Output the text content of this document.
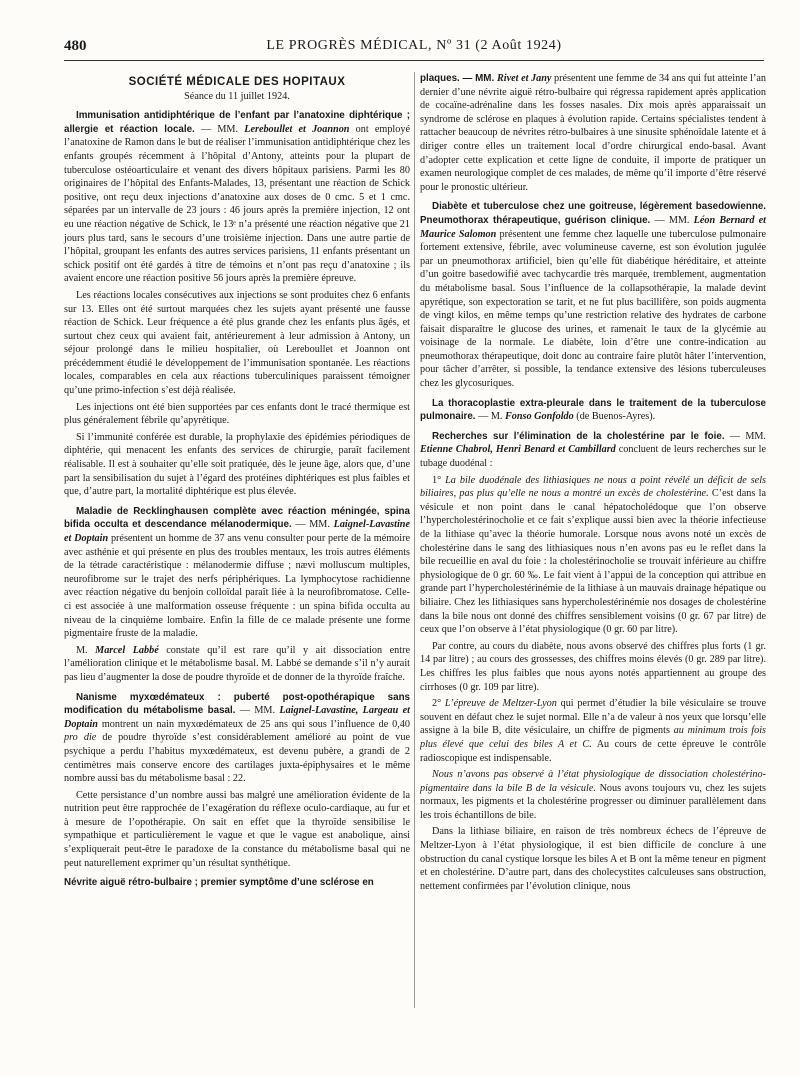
480	LE PROGRÈS MÉDICAL, Nº 31 (2 Août 1924)
SOCIÉTÉ MÉDICALE DES HOPITAUX
Séance du 11 juillet 1924.

Immunisation antidiphtérique de l’enfant par l’anatoxine diphtérique ; allergie et réaction locale. — MM. Lereboullet et Joannon ont employé l’anatoxine de Ramon dans le but de réaliser l’immunisation antidiphtérique chez les enfants groupés récemment à l’hôpital d’Antony, atteints pour la plupart de tuberculose ostéoarticulaire et venant des divers hôpitaux parisiens. Parmi les 80 originaires de l’hôpital des Enfants-Malades, 13, présentant une réaction de Schick positive, ont reçu deux injections d’anatoxine aux doses de 0 cmc. 5 et 1 cmc. séparées par un intervalle de 23 jours : 46 jours après la première injection, 12 ont eu une réaction négative de Schick, le 13ᵉ n’a présenté une réaction négative que 21 jours plus tard, sans le secours d’une troisième injection. Dans une autre partie de l’hôpital, groupant les enfants des autres services parisiens, 11 enfants présentant un schick positif ont été gardés à titre de témoins et n’ont pas reçu d’anatoxine ; ils avaient encore une réaction positive 56 jours après la première épreuve.

Les réactions locales consécutives aux injections se sont produites chez 6 enfants sur 13. Elles ont été surtout marquées chez les sujets ayant présenté une fausse réaction de Schick. Leur fréquence a été plus grande chez les enfants plus âgés, et surtout chez ceux qui avaient fait, antérieurement à leur admission à Antony, un séjour prolongé dans le milieu hospitalier, où Lereboullet et Joannon ont précédemment étudié le développement de l’immunisation spontanée. Les réactions locales, comparables en cela aux réactions tuberculiniques paraissent témoigner qu’une primo-infection s’est déjà réalisée.

Les injections ont été bien supportées par ces enfants dont le tracé thermique est plus généralement fébrile qu’apyrétique.

Si l’immunité conférée est durable, la prophylaxie des épidémies périodiques de diphtérie, qui menacent les enfants des services de chirurgie, paraît facilement réalisable. Il est à souhaiter qu’elle soit pratiquée, dès le jeune âge, alors que, d’une part la sensibilisation du sujet à l’égard des protéines diphtériques est plus faibles et que, d’autre part, la mortalité diphtérique est plus élevée.

Maladie de Recklinghausen complète avec réaction méningée, spina bifida occulta et descendance mélanodermique. — MM. Laignel-Lavastine et Doptain présentent un homme de 37 ans venu consulter pour perte de la mémoire avec asthénie et qui présente en plus des troubles mentaux, les trois autres éléments de la tétrade caractéristique : mélanodermie diffuse ; nævi molluscum multiples, neurofibrome sur le trajet des nerfs périphériques. La lymphocytose rachidienne avec réaction négative du benjoin colloïdal paraît liée à la neurofibromatose. Celle-ci est associée à une malformation osseuse fréquente : un spina bifida occulta au niveau de la cinquième lombaire. Enfin la fille de ce malade présente une forme pigmentaire fruste de la maladie.

M. Marcel Labbé constate qu’il est rare qu’il y ait dissociation entre l’amélioration clinique et le métabolisme basal. M. Labbé se demande s’il n’y aurait pas lieu d’augmenter la dose de poudre thyroïde et de donner de la thyroïde fraîche.

Nanisme myxœdémateux : puberté post-opothérapique sans modification du métabolisme basal. — MM. Laignel-Lavastine, Largeau et Doptain montrent un nain myxœdémateux de 25 ans qui sous l’influence de 0,40 pro die de poudre thyroïde s’est considérablement amélioré au point de vue psychique a perdu l’habitus myxœdémateux, est devenu pubère, a grandi de 2 centimètres mais conserve encore des cartilages juxta-épiphysaires et le même nombre aussi bas du métabolisme basal : 22.

Cette persistance d’un nombre aussi bas malgré une amélioration évidente de la nutrition peut être rapprochée de l’exagération du réflexe oculo-cardiaque, au fur et à mesure de l’opothérapie. On sait en effet que la thyroïde sensibilise le sympathique et particulièrement le vague et que le vague est anabolique, ainsi s’expliquerait peut-être le paradoxe de la constance du métabolisme basal qui ne peut naturellement exprimer qu’un résultat synthétique.

Névrite aiguë rétro-bulbaire ; premier symptôme d’une sclérose en

plaques. — MM. Rivet et Jany présentent une femme de 34 ans qui fut atteinte l’an dernier d’une névrite aiguë rétro-bulbaire qui régressa rapidement après application de cocaïne-adrénaline dans les fosses nasales. Dix mois après apparaissait un syndrome de sclérose en plaques à évolution rapide. Certains spécialistes tendent à rattacher beaucoup de névrites rétro-bulbaires à une sinusite sphénoïdale latente et à diriger contre elles un traitement local d’ordre chirurgical endo-basal. Avant d’adopter cette explication et cette ligne de conduite, il importe de pratiquer un examen neurologique complet de ces malades, de même qu’il importe d’être réservé pour le pronostic ultérieur.

Diabète et tuberculose chez une goitreuse, légèrement basedowienne. Pneumothorax thérapeutique, guérison clinique. — MM. Léon Bernard et Maurice Salomon présentent une femme chez laquelle une tuberculose pulmonaire fortement extensive, fébrile, avec volumineuse caverne, est son évolution jugulée par un pneumothorax artificiel, bien qu’elle fût diabétique héréditaire, et atteinte d’un goitre basedowifié avec tachycardie très marquée, tremblement, augmentation du métabolisme basal. Sous l’influence de la collapsothérapie, la malade devint apyrétique, son expectoration se tarit, et ne fut plus bacillifère, son poids augmenta de vingt kilos, en même temps qu’une restriction relative des hydrates de carbone faisait disparaître le glucose des urines, et ramenait le taux de la glycémie au voisinage de la normale. Le diabète, loin d’être une contre-indication au pneumothorax thérapeutique, doit donc au contraire faire plutôt hâter l’intervention, pour tâcher d’arrêter, si possible, la tendance extensive des lésions tuberculeuses chez les glycosuriques.

La thoracoplastie extra-pleurale dans le traitement de la tuberculose pulmonaire. — M. Fonso Gonfoldo (de Buenos-Ayres).

Recherches sur l’élimination de la cholestérine par le foie. — MM. Etienne Chabrol, Henri Benard et Cambillard concluent de leurs recherches sur le tubage duodénal :

1° La bile duodénale des lithiasiques ne nous a point révélé un déficit de sels biliaires, pas plus qu’elle ne nous a montré un excès de cholestérine. C’est dans la vésicule et non point dans le canal hépatocholédoque que l’on observe l’hypercholestérinocholie et ce fait s’explique aussi bien avec la théorie infectieuse de la lithiase qu’avec la théorie humorale. Lorsque nous avons noté un excès de cholestérine dans le sang des lithiasiques nous n’en avons pas eu le reflet dans la bile recueillie en aval du foie : la cholestérinocholie se trouvait inférieure au chiffre physiologique de 0 gr. 60 ‰. Le fait vient à l’appui de la conception qui attribue en grande part l’hypercholestérinémie de la lithiase à un mauvais drainage hépatique ou biliaire. Chez les lithiasiques sans hypercholestérinémie nos dosages de cholestérine dans la bile nous ont donné des chiffres sensiblement voisins (0 gr. 67 par litre) de ceux que l’on observe à l’état physiologique (0 gr. 60 par litre).

Par contre, au cours du diabète, nous avons observé des chiffres plus forts (1 gr. 14 par litre) ; au cours des grossesses, des chiffres moins élevés (0 gr. 289 par litre). Les chiffres les plus faibles que nous ayons notés appartiennent au groupe des cirrhoses (0 gr. 109 par litre).

2° L’épreuve de Meltzer-Lyon qui permet d’étudier la bile vésiculaire se trouve souvent en défaut chez le sujet normal. Elle n’a de valeur à nos yeux que lorsqu’elle assigne à la bile B, dite vésiculaire, un chiffre de pigments au minimum trois fois plus élevé que celui des biles A et C. Au cours de cette épreuve le contrôle radioscopique est indispensable.

Nous n’avons pas observé à l’état physiologique de dissociation cholestérino-pigmentaire dans la bile B de la vésicule. Nous avons toujours vu, chez les sujets normaux, les pigments et la cholestérine progresser ou diminuer parallèlement dans les trois échantillons de bile.

Dans la lithiase biliaire, en raison de très nombreux échecs de l’épreuve de Meltzer-Lyon à l’état physiologique, il est bien difficile de conclure à une obstruction du canal cystique lorsque les biles A et B ont la même teneur en pigment et en cholestérine. D’autre part, dans des cholecystites calculeuses sans obstruction, nettement confirmées par l’évolution clinique, nous
